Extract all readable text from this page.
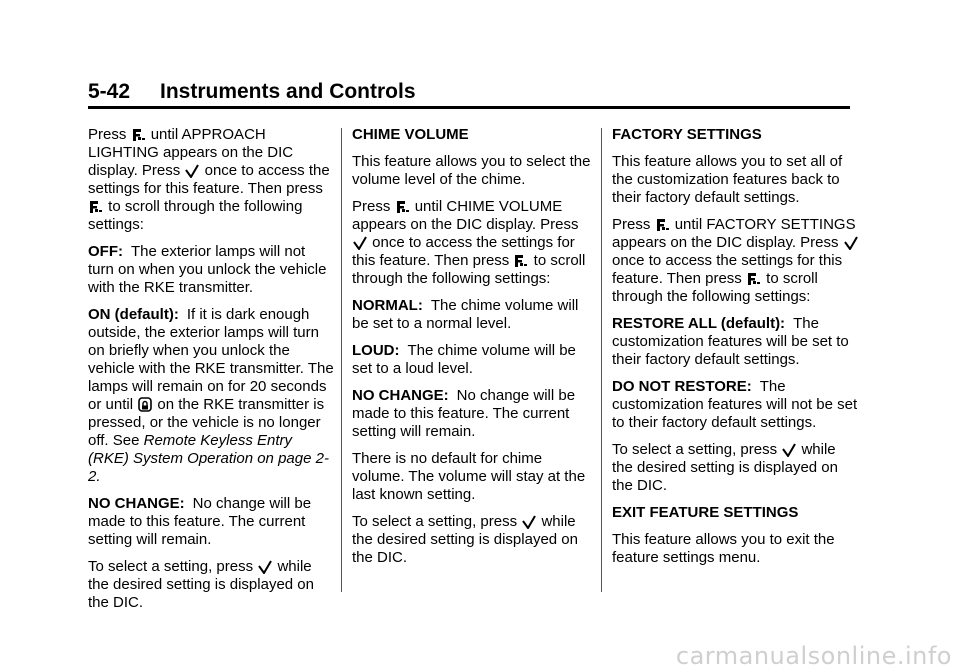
5-42 Instruments and Controls

Press until APPROACH LIGHTING appears on the DIC display. Press once to access the settings for this feature. Then press  to scroll through the following settings:

OFF: The exterior lamps will not turn on when you unlock the vehicle with the RKE transmitter.

ON (default): If it is dark enough outside, the exterior lamps will turn on briefly when you unlock the vehicle with the RKE transmitter. The lamps will remain on for 20 seconds or until on the RKE transmitter is pressed, or the vehicle is no longer off. See Remote Keyless Entry (RKE) System Operation on page 2-2.

NO CHANGE: No change will be made to this feature. The current setting will remain.

To select a setting, press while the desired setting is displayed on the DIC.

CHIME VOLUME

This feature allows you to select the volume level of the chime.

Press until CHIME VOLUME appears on the DIC display. Press  once to access the settings for this feature. Then press to scroll through the following settings:

NORMAL: The chime volume will be set to a normal level.

LOUD: The chime volume will be set to a loud level.

NO CHANGE: No change will be made to this feature. The current setting will remain.

There is no default for chime volume. The volume will stay at the last known setting.

To select a setting, press while the desired setting is displayed on the DIC.

FACTORY SETTINGS

This feature allows you to set all of the customization features back to their factory default settings.

Press until FACTORY SETTINGS appears on the DIC display. Press  once to access the settings for this feature. Then press to scroll through the following settings:

RESTORE ALL (default): The customization features will be set to their factory default settings.

DO NOT RESTORE: The customization features will not be set to their factory default settings.

To select a setting, press while the desired setting is displayed on the DIC.

EXIT FEATURE SETTINGS

This feature allows you to exit the feature settings menu.

carmanualsonline.info
